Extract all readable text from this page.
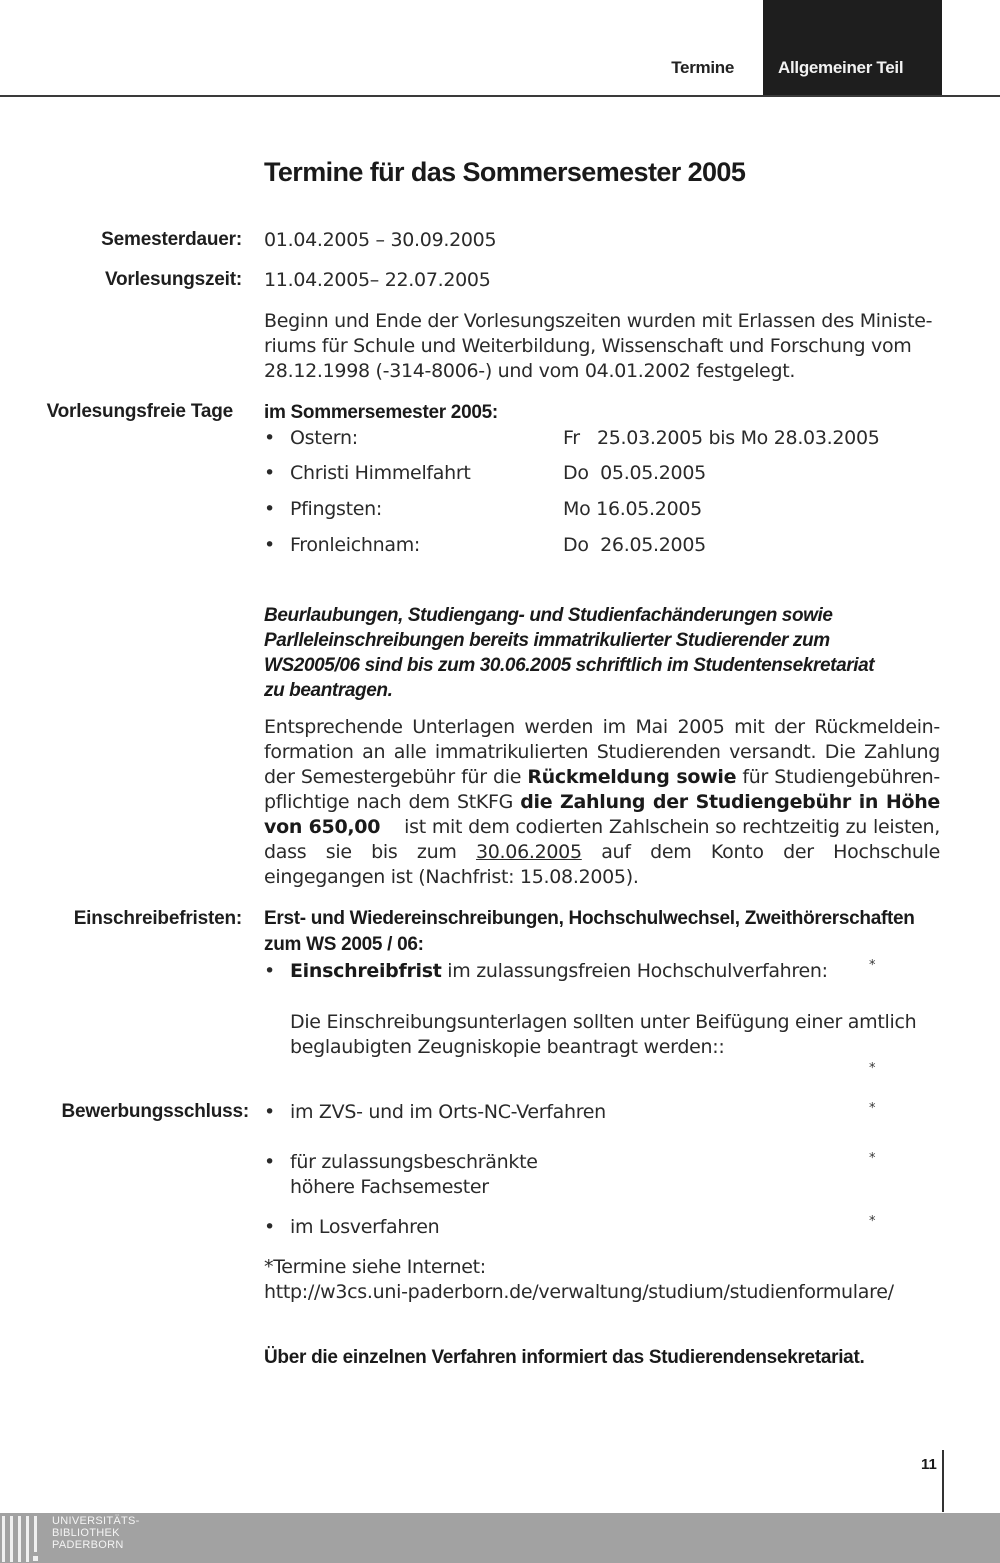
Termine	Allgemeiner Teil
Termine für das Sommersemester 2005
Semesterdauer: 01.04.2005 – 30.09.2005
Vorlesungszeit: 11.04.2005– 22.07.2005
Beginn und Ende der Vorlesungszeiten wurden mit Erlassen des Ministe-
riums für Schule und Weiterbildung, Wissenschaft und Forschung vom
28.12.1998 (-314-8006-) und vom 04.01.2002 festgelegt.
Vorlesungsfreie Tage im Sommersemester 2005:
• Ostern:	Fr   25.03.2005 bis Mo 28.03.2005
• Christi Himmelfahrt	Do  05.05.2005
• Pfingsten:	Mo 16.05.2005
• Fronleichnam:	Do  26.05.2005
Beurlaubungen, Studiengang- und Studienfachänderungen sowie
Parlleleinschreibungen bereits immatrikulierter Studierender zum
WS2005/06 sind bis zum 30.06.2005 schriftlich im Studentensekretariat
zu beantragen.
Entsprechende Unterlagen werden im Mai 2005 mit der Rückmeldein-formation an alle immatrikulierten Studierenden versandt. Die Zahlung der Semestergebühr für die Rückmeldung sowie für Studiengebühren-pflichtige nach dem StKFG die Zahlung der Studiengebühr in Höhe von 650,00    ist mit dem codierten Zahlschein so rechtzeitig zu leisten, dass sie bis zum 30.06.2005 auf dem Konto der Hochschule eingegangen ist (Nachfrist: 15.08.2005).
Einschreibefristen: Erst- und Wiedereinschreibungen, Hochschulwechsel, Zweithörerschaften
zum WS 2005 / 06:
• Einschreibfrist im zulassungsfreien Hochschulverfahren:	*
Die Einschreibungsunterlagen sollten unter Beifügung einer amtlich
beglaubigten Zeugniskopie beantragt werden::
*
Bewerbungsschluss: • im ZVS- und im Orts-NC-Verfahren	*
• für zulassungsbeschränkte
höhere Fachsemester
*
• im Losverfahren	*
*Termine siehe Internet:
http://w3cs.uni-paderborn.de/verwaltung/studium/studienformulare/
Über die einzelnen Verfahren informiert das Studierendensekretariat.
11
UNIVERSITÄTS-
BIBLIOTHEK
PADERBORN
